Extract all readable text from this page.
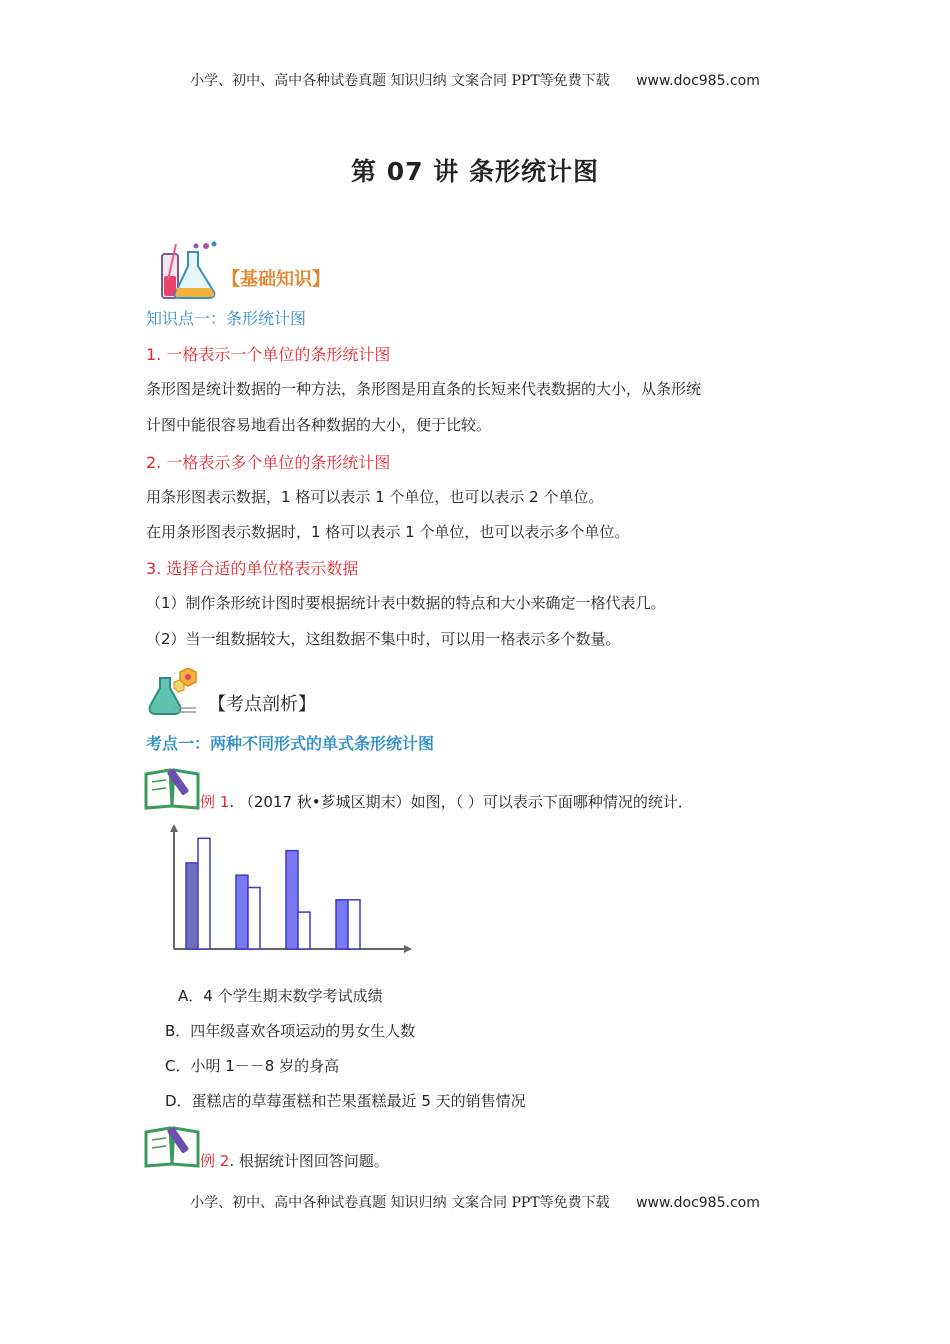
小学、初中、高中各种试卷真题 知识归纳 文案合同 PPT等免费下载 www.doc985.com
第 07 讲 条形统计图
【基础知识】
知识点一：条形统计图
1. 一格表示一个单位的条形统计图
条形图是统计数据的一种方法，条形图是用直条的长短来代表数据的大小，从条形统
计图中能很容易地看出各种数据的大小，便于比较。
2. 一格表示多个单位的条形统计图
用条形图表示数据，1 格可以表示 1 个单位，也可以表示 2 个单位。
在用条形图表示数据时，1 格可以表示 1 个单位，也可以表示多个单位。
3. 选择合适的单位格表示数据
（1）制作条形统计图时要根据统计表中数据的特点和大小来确定一格代表几。
（2）当一组数据较大，这组数据不集中时，可以用一格表示多个数量。
【考点剖析】
考点一：两种不同形式的单式条形统计图
例 1. （2017 秋•芗城区期末）如图，（ ）可以表示下面哪种情况的统计．
A．4 个学生期末数学考试成绩
B．四年级喜欢各项运动的男女生人数
C．小明 1－－8 岁的身高
D．蛋糕店的草莓蛋糕和芒果蛋糕最近 5 天的销售情况
例 2. 根据统计图回答问题。
小学、初中、高中各种试卷真题 知识归纳 文案合同 PPT等免费下载 www.doc985.com
